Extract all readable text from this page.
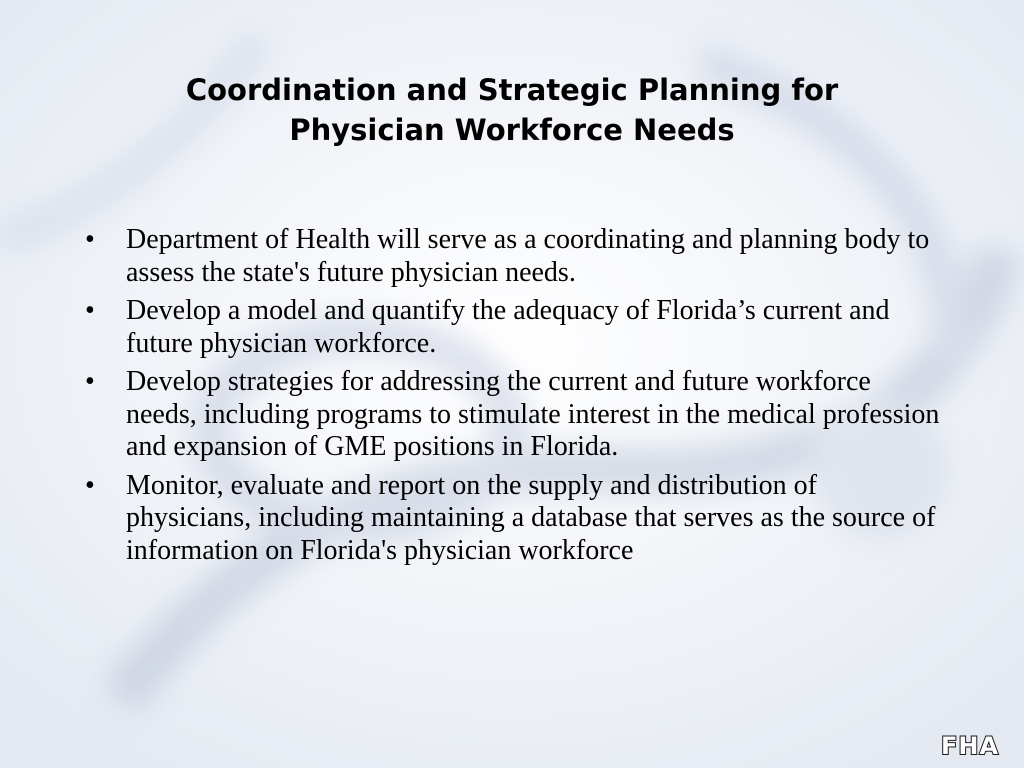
Coordination and Strategic Planning for
Physician Workforce Needs
•	Department of Health will serve as a coordinating and planning body to assess the state's future physician needs.
•	Develop a model and quantify the adequacy of Florida’s current and future physician workforce.
•	Develop strategies for addressing the current and future workforce needs, including programs to stimulate interest in the medical profession and expansion of GME positions in Florida.
•	Monitor, evaluate and report on the supply and distribution of physicians, including maintaining a database that serves as the source of information on Florida's physician workforce
FHA
